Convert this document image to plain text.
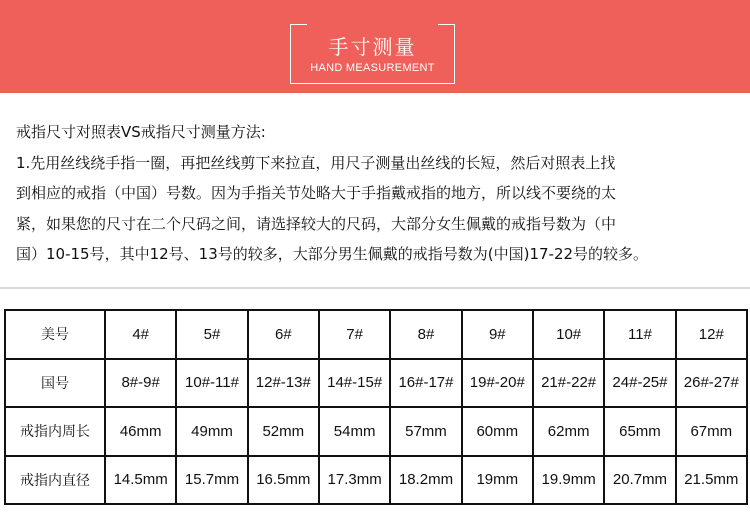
手寸测量
HAND MEASUREMENT

戒指尺寸对照表VS戒指尺寸测量方法:

1.先用丝线绕手指一圈，再把丝线剪下来拉直，用尺子测量出丝线的长短，然后对照表上找

到相应的戒指（中国）号数。因为手指关节处略大于手指戴戒指的地方，所以线不要绕的太

紧，如果您的尺寸在二个尺码之间，请选择较大的尺码，大部分女生佩戴的戒指号数为（中

国）10-15号，其中12号、13号的较多，大部分男生佩戴的戒指号数为(中国)17-22号的较多。

美号	4#	5#	6#	7#	8#	9#	10#	11#	12#
国号	8#-9#	10#-11#	12#-13#	14#-15#	16#-17#	19#-20#	21#-22#	24#-25#	26#-27#
戒指内周长	46mm	49mm	52mm	54mm	57mm	60mm	62mm	65mm	67mm
戒指内直径	14.5mm	15.7mm	16.5mm	17.3mm	18.2mm	19mm	19.9mm	20.7mm	21.5mm
